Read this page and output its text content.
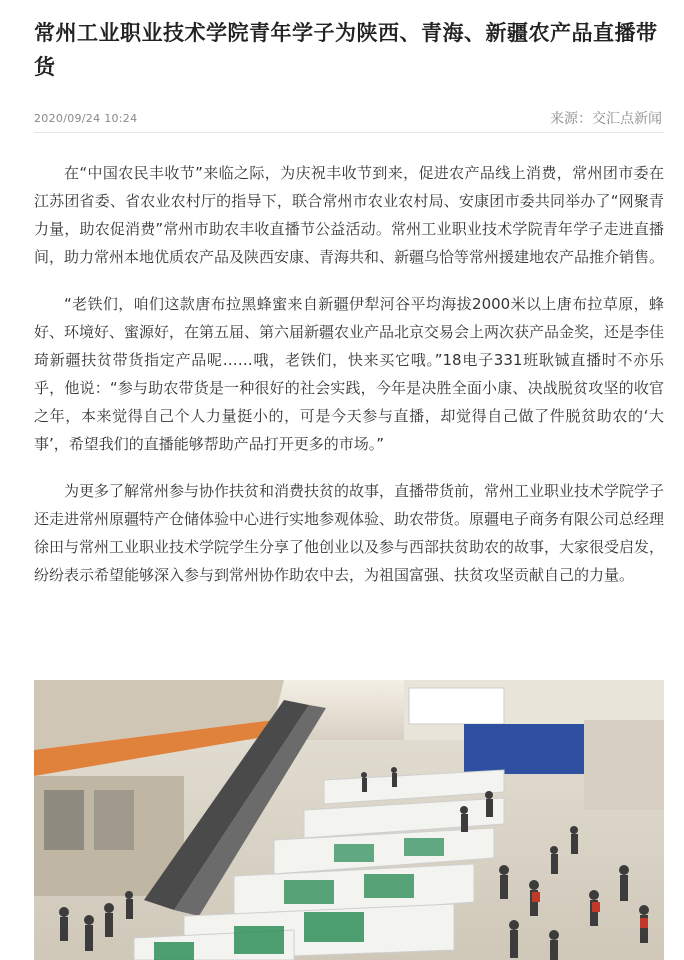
常州工业职业技术学院青年学子为陕西、青海、新疆农产品直播带货
2020/09/24 10:24	来源：交汇点新闻

在“中国农民丰收节”来临之际，为庆祝丰收节到来，促进农产品线上消费，常州团市委在江苏团省委、省农业农村厅的指导下，联合常州市农业农村局、安康团市委共同举办了“网聚青力量，助农促消费”常州市助农丰收直播节公益活动。常州工业职业技术学院青年学子走进直播间，助力常州本地优质农产品及陕西安康、青海共和、新疆乌恰等常州援建地农产品推介销售。

“老铁们，咱们这款唐布拉黑蜂蜜来自新疆伊犁河谷平均海拔2000米以上唐布拉草原，蜂好、环境好、蜜源好，在第五届、第六届新疆农业产品北京交易会上两次获产品金奖，还是李佳琦新疆扶贫带货指定产品呢……哦，老铁们，快来买它哦。”18电子331班耿铖直播时不亦乐乎，他说：“参与助农带货是一种很好的社会实践，今年是决胜全面小康、决战脱贫攻坚的收官之年，本来觉得自己个人力量挺小的，可是今天参与直播，却觉得自己做了件脱贫助农的‘大事’，希望我们的直播能够帮助产品打开更多的市场。”

为更多了解常州参与协作扶贫和消费扶贫的故事，直播带货前，常州工业职业技术学院学子还走进常州原疆特产仓储体验中心进行实地参观体验、助农带货。原疆电子商务有限公司总经理徐田与常州工业职业技术学院学生分享了他创业以及参与西部扶贫助农的故事，大家很受启发，纷纷表示希望能够深入参与到常州协作助农中去，为祖国富强、扶贫攻坚贡献自己的力量。
